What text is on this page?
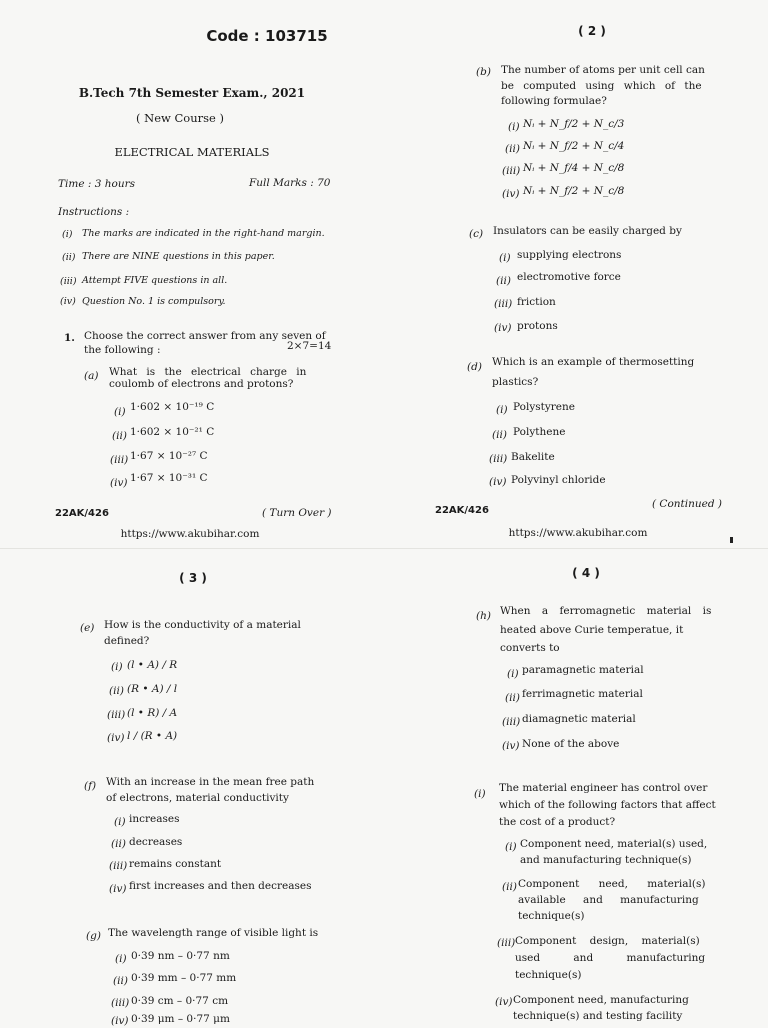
Code : 103715
B.Tech 7th Semester Exam., 2021
( New Course )
ELECTRICAL MATERIALS
Time : 3 hours	Full Marks : 70
Instructions :
(i) The marks are indicated in the right-hand margin.
(ii) There are NINE questions in this paper.
(iii) Attempt FIVE questions in all.
(iv) Question No. 1 is compulsory.
1. Choose the correct answer from any seven of
the following :	2×7=14
(a) What is the electrical charge in
coulomb of electrons and protons?
(i) 1·602 × 10⁻¹⁹ C
(ii) 1·602 × 10⁻²¹ C
(iii) 1·67 × 10⁻²⁷ C
(iv) 1·67 × 10⁻³¹ C
22AK/426	( Turn Over )
https://www.akubihar.com
( 2 )
(b) The number of atoms per unit cell can
be computed using which of the
following formulae?
(i) Nᵢ + N_f/2 + N_c/3
(ii) Nᵢ + N_f/2 + N_c/4
(iii) Nᵢ + N_f/4 + N_c/8
(iv) Nᵢ + N_f/2 + N_c/8
(c) Insulators can be easily charged by
(i) supplying electrons
(ii) electromotive force
(iii) friction
(iv) protons
(d) Which is an example of thermosetting
plastics?
(i) Polystyrene
(ii) Polythene
(iii) Bakelite
(iv) Polyvinyl chloride
22AK/426
( Continued )
https://www.akubihar.com
( 3 )
(e) How is the conductivity of a material
defined?
(i) (l • A) / R
(ii) (R • A) / l
(iii) (l • R) / A
(iv) l / (R • A)
(f) With an increase in the mean free path
of electrons, material conductivity
(i) increases
(ii) decreases
(iii) remains constant
(iv) first increases and then decreases
(g) The wavelength range of visible light is
(i) 0·39 nm – 0·77 nm
(ii) 0·39 mm – 0·77 mm
(iii) 0·39 cm – 0·77 cm
(iv) 0·39 μm – 0·77 μm
( 4 )
(h) When a ferromagnetic material is
heated above Curie temperatue, it
converts to
(i) paramagnetic material
(ii) ferrimagnetic material
(iii) diamagnetic material
(iv) None of the above
(i) The material engineer has control over
which of the following factors that affect
the cost of a product?
(i) Component need, material(s) used,
and manufacturing technique(s)
(ii) Component need, material(s)
available and manufacturing
technique(s)
(iii) Component design, material(s)
used and manufacturing
technique(s)
(iv) Component need, manufacturing
technique(s) and testing facility
